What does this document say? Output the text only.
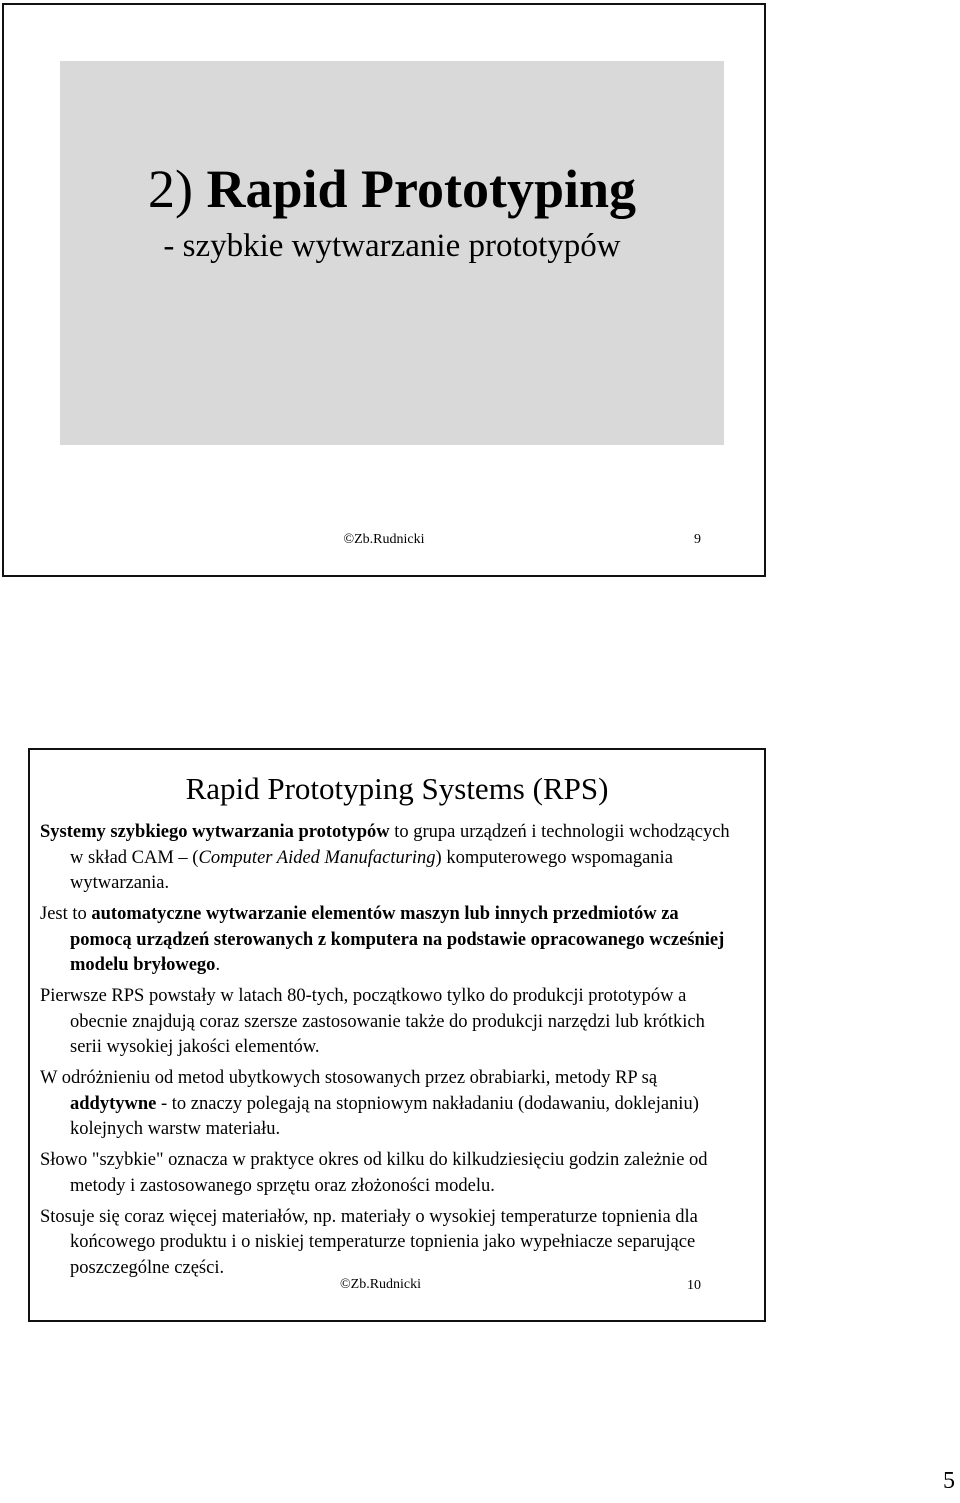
2) Rapid Prototyping
- szybkie wytwarzanie prototypów
©Zb.Rudnicki	9
Rapid Prototyping Systems (RPS)

Systemy szybkiego wytwarzania prototypów to grupa urządzeń i technologii wchodzących w skład CAM – (Computer Aided Manufacturing) komputerowego wspomagania wytwarzania.

Jest to automatyczne wytwarzanie elementów maszyn lub innych przedmiotów za pomocą urządzeń sterowanych z komputera na podstawie opracowanego wcześniej modelu bryłowego.

Pierwsze RPS powstały w latach 80-tych, początkowo tylko do produkcji prototypów a obecnie znajdują coraz szersze zastosowanie także do produkcji narzędzi lub krótkich serii wysokiej jakości elementów.

W odróżnieniu od metod ubytkowych stosowanych przez obrabiarki, metody RP są addytywne - to znaczy polegają na stopniowym nakładaniu (dodawaniu, doklejaniu) kolejnych warstw materiału.

Słowo "szybkie" oznacza w praktyce okres od kilku do kilkudziesięciu godzin zależnie od metody i zastosowanego sprzętu oraz złożoności modelu.

Stosuje się coraz więcej materiałów, np. materiały o wysokiej temperaturze topnienia dla końcowego produktu i o niskiej temperaturze topnienia jako wypełniacze separujące poszczególne części.

©Zb.Rudnicki	10
5
